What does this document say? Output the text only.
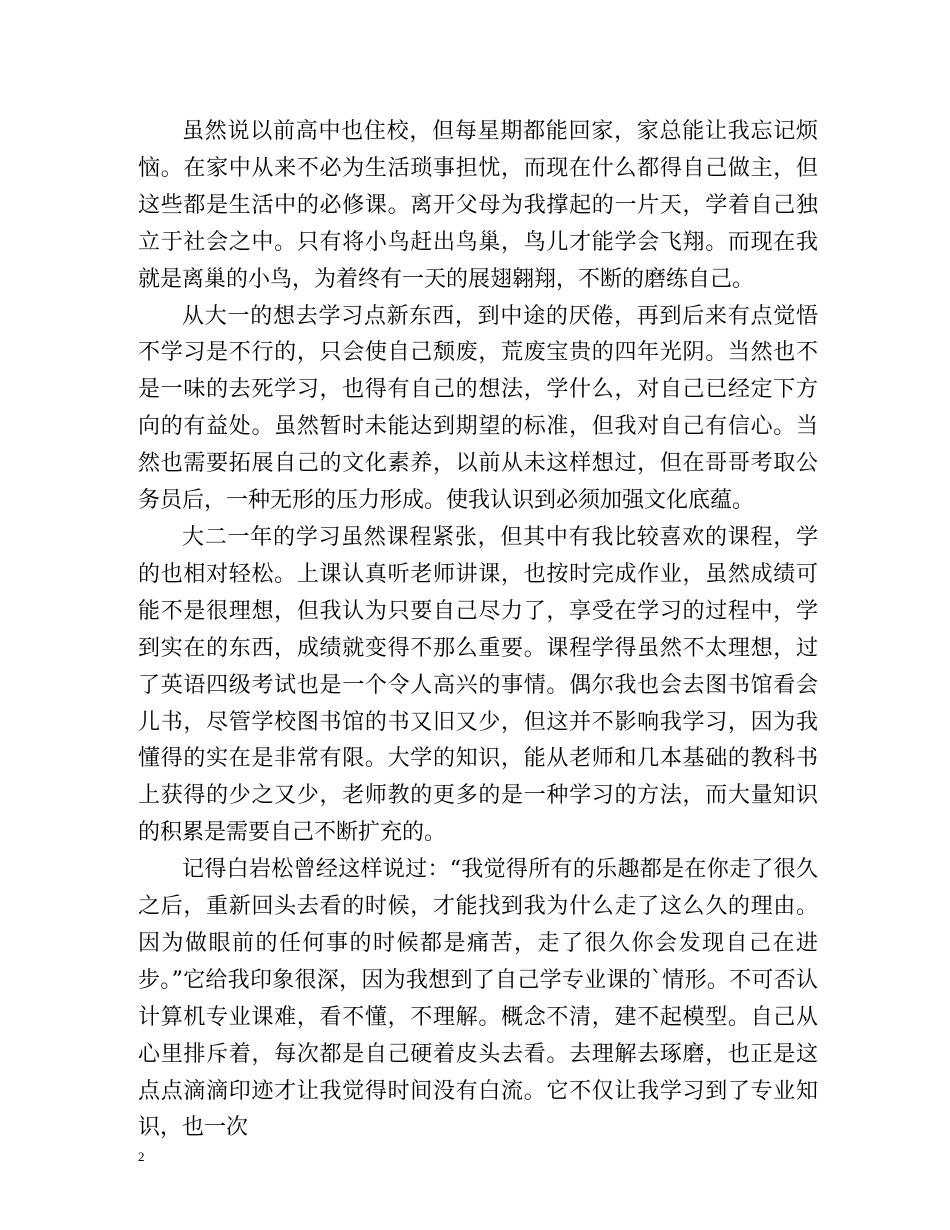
虽然说以前高中也住校，但每星期都能回家，家总能让我忘记烦恼。在家中从来不必为生活琐事担忧，而现在什么都得自己做主，但这些都是生活中的必修课。离开父母为我撑起的一片天，学着自己独立于社会之中。只有将小鸟赶出鸟巢，鸟儿才能学会飞翔。而现在我就是离巢的小鸟，为着终有一天的展翅翱翔，不断的磨练自己。

从大一的想去学习点新东西，到中途的厌倦，再到后来有点觉悟不学习是不行的，只会使自己颓废，荒废宝贵的四年光阴。当然也不是一味的去死学习，也得有自己的想法，学什么，对自己已经定下方向的有益处。虽然暂时未能达到期望的标准，但我对自己有信心。当然也需要拓展自己的文化素养，以前从未这样想过，但在哥哥考取公务员后，一种无形的压力形成。使我认识到必须加强文化底蕴。

大二一年的学习虽然课程紧张，但其中有我比较喜欢的课程，学的也相对轻松。上课认真听老师讲课，也按时完成作业，虽然成绩可能不是很理想，但我认为只要自己尽力了，享受在学习的过程中，学到实在的东西，成绩就变得不那么重要。课程学得虽然不太理想，过了英语四级考试也是一个令人高兴的事情。偶尔我也会去图书馆看会儿书，尽管学校图书馆的书又旧又少，但这并不影响我学习，因为我懂得的实在是非常有限。大学的知识，能从老师和几本基础的教科书上获得的少之又少，老师教的更多的是一种学习的方法，而大量知识的积累是需要自己不断扩充的。

记得白岩松曾经这样说过：“我觉得所有的乐趣都是在你走了很久之后，重新回头去看的时候，才能找到我为什么走了这么久的理由。因为做眼前的任何事的时候都是痛苦，走了很久你会发现自己在进步。”它给我印象很深，因为我想到了自己学专业课的`情形。不可否认计算机专业课难，看不懂，不理解。概念不清，建不起模型。自己从心里排斥着，每次都是自己硬着皮头去看。去理解去琢磨，也正是这点点滴滴印迹才让我觉得时间没有白流。它不仅让我学习到了专业知识，也一次

2
